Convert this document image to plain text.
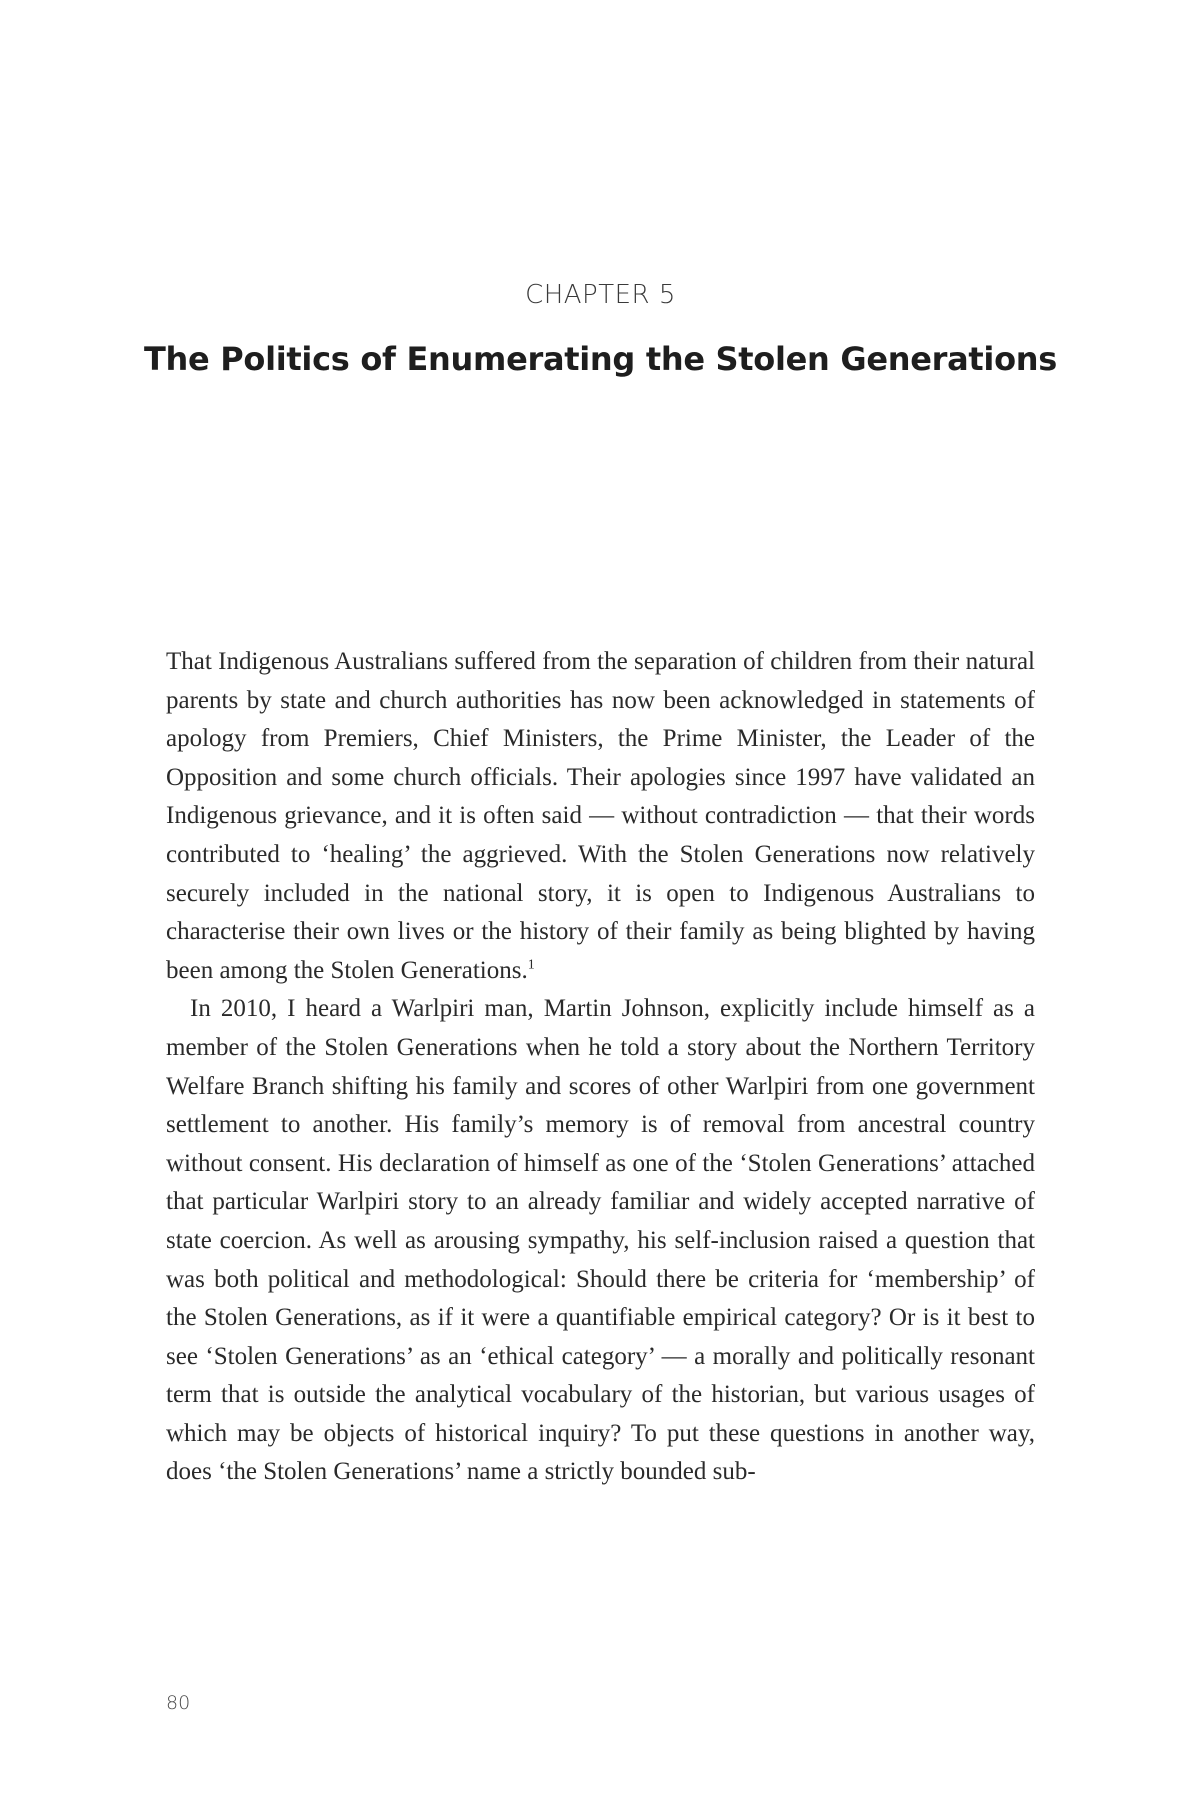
CHAPTER 5
The Politics of Enumerating the Stolen Generations

That Indigenous Australians suffered from the separation of children from their natural parents by state and church authorities has now been acknowledged in statements of apology from Premiers, Chief Ministers, the Prime Minister, the Leader of the Opposition and some church officials. Their apologies since 1997 have validated an Indigenous grievance, and it is often said — without contradiction — that their words contributed to ‘healing’ the aggrieved. With the Stolen Generations now relatively securely included in the national story, it is open to Indigenous Australians to characterise their own lives or the history of their family as being blighted by having been among the Stolen Generations.$^1$

In 2010, I heard a Warlpiri man, Martin Johnson, explicitly include himself as a member of the Stolen Generations when he told a story about the Northern Territory Welfare Branch shifting his family and scores of other Warlpiri from one government settlement to another. His family’s memory is of removal from ancestral country without consent. His declaration of himself as one of the ‘Stolen Generations’ attached that particular Warlpiri story to an already familiar and widely accepted narrative of state coercion. As well as arousing sympathy, his self-inclusion raised a question that was both political and methodological: Should there be criteria for ‘membership’ of the Stolen Generations, as if it were a quantifiable empirical category? Or is it best to see ‘Stolen Generations’ as an ‘ethical category’ — a morally and politically resonant term that is outside the analytical vocabulary of the historian, but various usages of which may be objects of historical inquiry? To put these questions in another way, does ‘the Stolen Generations’ name a strictly bounded sub-

80
